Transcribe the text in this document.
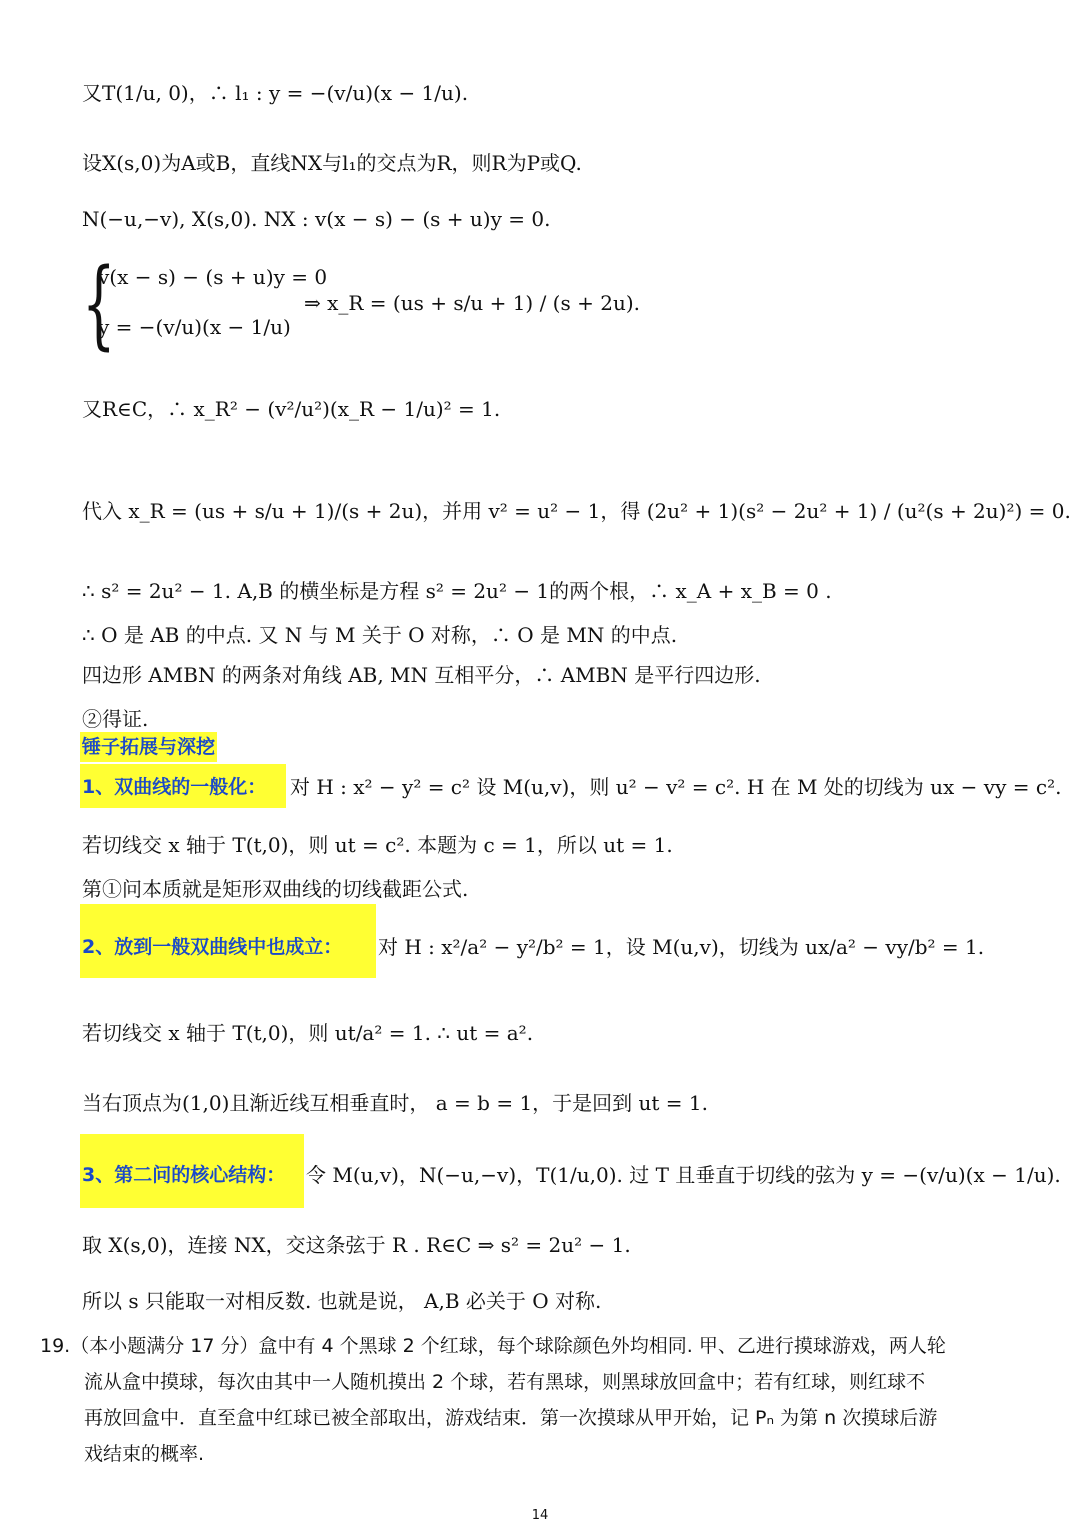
又T(1/u, 0)，∴ l₁ : y = −(v/u)(x − 1/u).
设X(s,0)为A或B，直线NX与l₁的交点为R，则R为P或Q.
N(−u,−v), X(s,0). NX : v(x − s) − (s + u)y = 0.
{
v(x − s) − (s + u)y = 0
y = −(v/u)(x − 1/u)
⇒ x_R = (us + s/u + 1) / (s + 2u).
又R∈C，∴ x_R² − (v²/u²)(x_R − 1/u)² = 1.
代入 x_R = (us + s/u + 1)/(s + 2u)，并用 v² = u² − 1，得 (2u² + 1)(s² − 2u² + 1) / (u²(s + 2u)²) = 0.
∴ s² = 2u² − 1. A,B 的横坐标是方程 s² = 2u² − 1的两个根，∴ x_A + x_B = 0 .
∴ O 是 AB 的中点. 又 N 与 M 关于 O 对称，∴ O 是 MN 的中点.
四边形 AMBN 的两条对角线 AB, MN 互相平分，∴ AMBN 是平行四边形.
②得证.
锤子拓展与深挖
1、双曲线的一般化： 对 H : x² − y² = c² 设 M(u,v)，则 u² − v² = c². H 在 M 处的切线为 ux − vy = c².
若切线交 x 轴于 T(t,0)，则 ut = c². 本题为 c = 1，所以 ut = 1.
第①问本质就是矩形双曲线的切线截距公式.
2、放到一般双曲线中也成立： 对 H : x²/a² − y²/b² = 1，设 M(u,v)，切线为 ux/a² − vy/b² = 1.
若切线交 x 轴于 T(t,0)，则 ut/a² = 1. ∴ ut = a².
当右顶点为(1,0)且渐近线互相垂直时， a = b = 1，于是回到 ut = 1.
3、第二问的核心结构： 令 M(u,v)，N(−u,−v)，T(1/u,0). 过 T 且垂直于切线的弦为 y = −(v/u)(x − 1/u).
取 X(s,0)，连接 NX，交这条弦于 R . R∈C ⇒ s² = 2u² − 1.
所以 s 只能取一对相反数. 也就是说， A,B 必关于 O 对称.
19.（本小题满分 17 分）盒中有 4 个黑球 2 个红球，每个球除颜色外均相同. 甲、乙进行摸球游戏，两人轮
流从盒中摸球，每次由其中一人随机摸出 2 个球，若有黑球，则黑球放回盒中；若有红球，则红球不
再放回盒中．直至盒中红球已被全部取出，游戏结束．第一次摸球从甲开始，记 Pₙ 为第 n 次摸球后游
戏结束的概率.
14
